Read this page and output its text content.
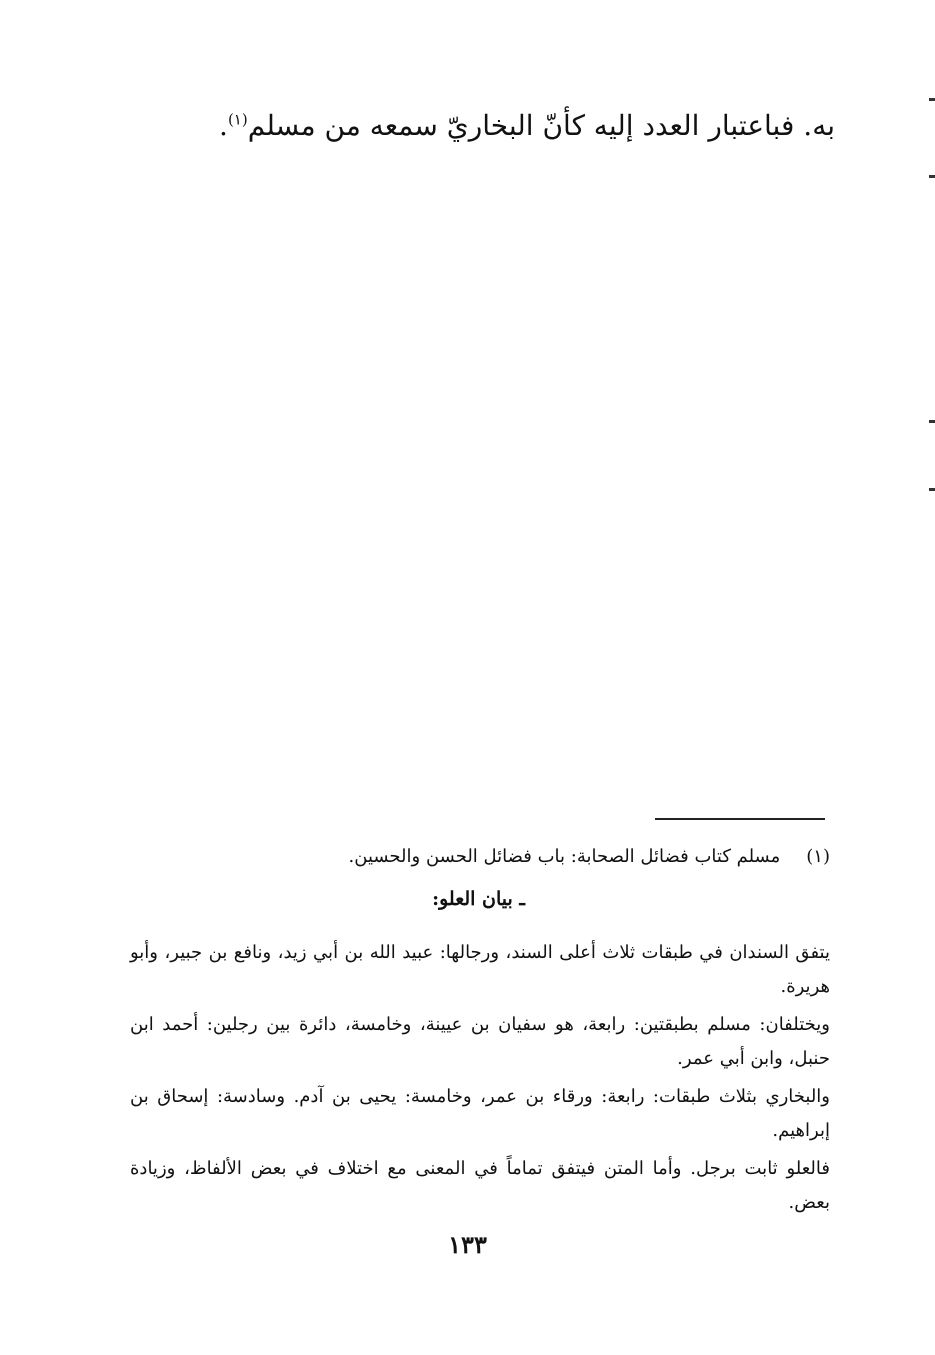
به. فباعتبار العدد إليه كأنّ البخاريّ سمعه من مسلم$^{(١)}$.
(١) مسلم كتاب فضائل الصحابة: باب فضائل الحسن والحسين.
ـ بيان العلو:

يتفق السندان في طبقات ثلاث أعلى السند، ورجالها: عبيد الله بن أبي زيد، ونافع بن جبير، وأبو هريرة.

ويختلفان: مسلم بطبقتين: رابعة، هو سفيان بن عيينة، وخامسة، دائرة بين رجلين: أحمد ابن حنبل، وابن أبي عمر.

والبخاري بثلاث طبقات: رابعة: ورقاء بن عمر، وخامسة: يحيى بن آدم. وسادسة: إسحاق بن إبراهيم.

فالعلو ثابت برجل. وأما المتن فيتفق تماماً في المعنى مع اختلاف في بعض الألفاظ، وزيادة بعض.

١٣٣
